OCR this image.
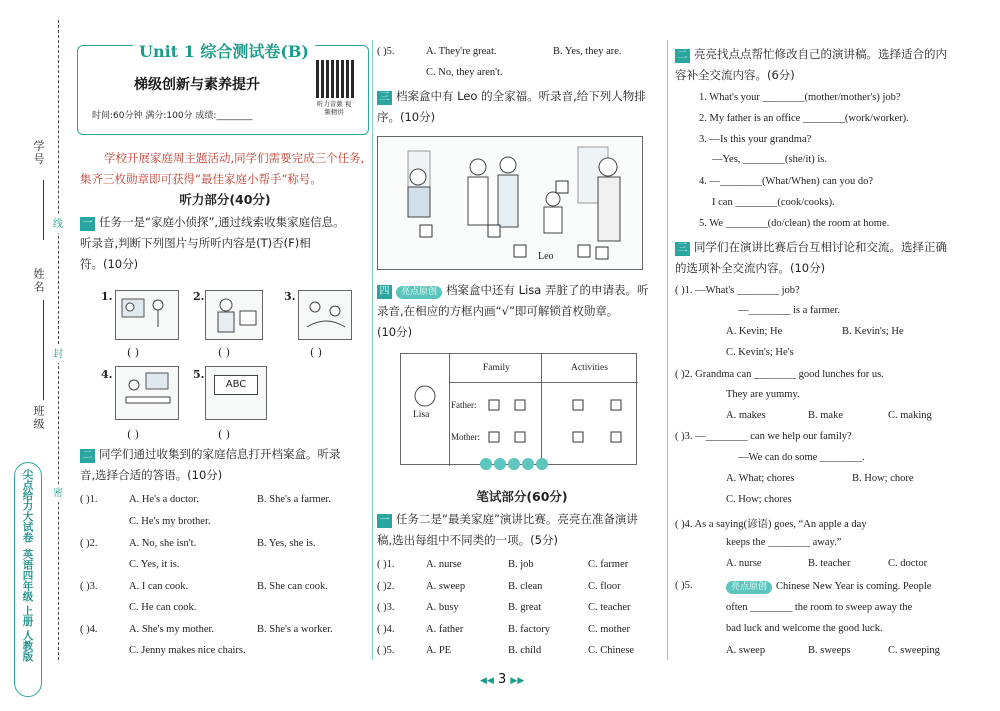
学号
线
姓名
封
班级
密
尖点给力大试卷
英语四年级 上册 人教版
Unit 1 综合测试卷(B)
梯级创新与素养提升
时间:60分钟 满分:100分 成绩:________
听力音频 视频精讲
学校开展家庭周主题活动,同学们需要完成三个任务,集齐三枚勋章即可获得“最佳家庭小帮手”称号。
听力部分(40分)
一 任务一是“家庭小侦探”,通过线索收集家庭信息。
听录音,判断下列图片与所听内容是(T)否(F)相
符。(10分)
1.
( )
2.
( )
3.
( )
4.
( )
5.
ABC
( )
二 同学们通过收集到的家庭信息打开档案盒。听录
音,选择合适的答语。(10分)
( )1.	A. He's a doctor.	B. She's a farmer.
C. He's my brother.
( )2.	A. No, she isn't.	B. Yes, she is.
C. Yes, it is.
( )3.	A. I can cook.	B. She can cook.
C. He can cook.
( )4.	A. She's my mother.	B. She's a worker.
C. Jenny makes nice chairs.
( )5.	A. They're great.	B. Yes, they are.
C. No, they aren't.
三 档案盒中有 Leo 的全家福。听录音,给下列人物排
序。(10分)
Leo
四 亮点原创 档案盒中还有 Lisa 弄脏了的申请表。听
录音,在相应的方框内画“√”即可解锁首枚勋章。
(10分)
Family	Activities
Lisa
Father:
Mother:
笔试部分(60分)
一 任务二是“最美家庭”演讲比赛。亮亮在准备演讲
稿,选出每组中不同类的一项。(5分)
( )1.	A. nurse	B. job	C. farmer
( )2.	A. sweep	B. clean	C. floor
( )3.	A. busy	B. great	C. teacher
( )4.	A. father	B. factory	C. mother
( )5.	A. PE	B. child	C. Chinese
二 亮亮找点点帮忙修改自己的演讲稿。选择适合的内
容补全交流内容。(6分)
1. What's your ________(mother/mother's) job?
2. My father is an office ________(work/worker).
3. —Is this your grandma?
—Yes, ________(she/it) is.
4. —________(What/When) can you do?
I can ________(cook/cooks).
5. We ________(do/clean) the room at home.
三 同学们在演讲比赛后台互相讨论和交流。选择正确
的选项补全交流内容。(10分)
( )1. —What's ________ job?
—________ is a farmer.
A. Kevin; He	B. Kevin's; He
C. Kevin's; He's
( )2. Grandma can ________ good lunches for us.
They are yummy.
A. makes	B. make	C. making
( )3. —________ can we help our family?
—We can do some ________.
A. What; chores	B. How; chore
C. How; chores
( )4. As a saying(谚语) goes, “An apple a day
keeps the ________ away.”
A. nurse	B. teacher	C. doctor
( )5.	亮点原创 Chinese New Year is coming. People
often ________ the room to sweep away the
bad luck and welcome the good luck.
A. sweep	B. sweeps	C. sweeping
◀◀ 3 ▶▶
